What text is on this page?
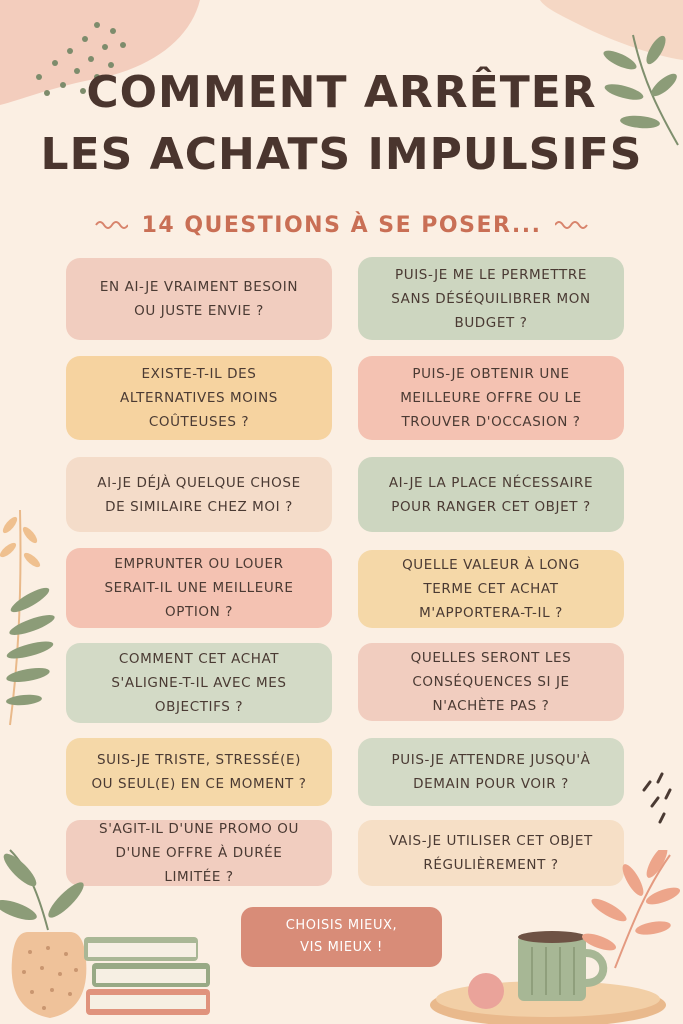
COMMENT ARRÊTER
LES ACHATS IMPULSIFS
14 QUESTIONS À SE POSER...
EN AI-JE VRAIMENT BESOIN OU JUSTE ENVIE ?
EXISTE-T-IL DES ALTERNATIVES MOINS COÛTEUSES ?
AI-JE DÉJÀ QUELQUE CHOSE DE SIMILAIRE CHEZ MOI ?
EMPRUNTER OU LOUER SERAIT-IL UNE MEILLEURE OPTION ?
COMMENT CET ACHAT S'ALIGNE-T-IL AVEC MES OBJECTIFS ?
SUIS-JE TRISTE, STRESSÉ(E) OU SEUL(E) EN CE MOMENT ?
S'AGIT-IL D'UNE PROMO OU D'UNE OFFRE À DURÉE LIMITÉE ?
PUIS-JE ME LE PERMETTRE SANS DÉSÉQUILIBRER MON BUDGET ?
PUIS-JE OBTENIR UNE MEILLEURE OFFRE OU LE TROUVER D'OCCASION ?
AI-JE LA PLACE NÉCESSAIRE POUR RANGER CET OBJET ?
QUELLE VALEUR À LONG TERME CET ACHAT M'APPORTERA-T-IL ?
QUELLES SERONT LES CONSÉQUENCES SI JE N'ACHÈTE PAS ?
PUIS-JE ATTENDRE JUSQU'À DEMAIN POUR VOIR ?
VAIS-JE UTILISER CET OBJET RÉGULIÈREMENT ?
CHOISIS MIEUX,
VIS MIEUX !
